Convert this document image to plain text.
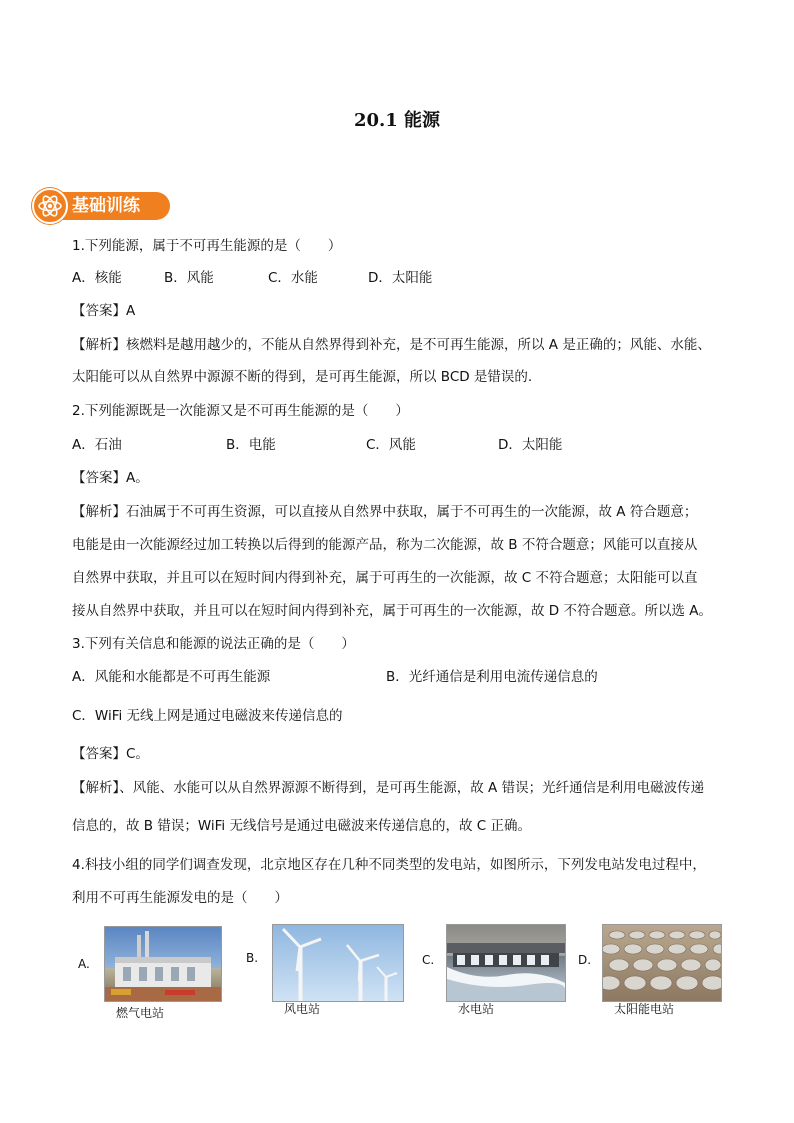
20.1 能源
基础训练
1.下列能源，属于不可再生能源的是（　　）
A．核能	B．风能	C．水能	D．太阳能
【答案】A
【解析】核燃料是越用越少的，不能从自然界得到补充，是不可再生能源，所以 A 是正确的；风能、水能、
太阳能可以从自然界中源源不断的得到，是可再生能源，所以 BCD 是错误的.
2.下列能源既是一次能源又是不可再生能源的是（　　）
A．石油	B．电能	C．风能	D．太阳能
【答案】A。
【解析】石油属于不可再生资源，可以直接从自然界中获取，属于不可再生的一次能源，故 A 符合题意；
电能是由一次能源经过加工转换以后得到的能源产品，称为二次能源，故 B 不符合题意；风能可以直接从
自然界中获取，并且可以在短时间内得到补充，属于可再生的一次能源，故 C 不符合题意；太阳能可以直
接从自然界中获取，并且可以在短时间内得到补充，属于可再生的一次能源，故 D 不符合题意。所以选 A。
3.下列有关信息和能源的说法正确的是（　　）
A．风能和水能都是不可再生能源	B．光纤通信是利用电流传递信息的
C．WiFi 无线上网是通过电磁波来传递信息的
【答案】C。
【解析】、风能、水能可以从自然界源源不断得到，是可再生能源，故 A 错误；光纤通信是利用电磁波传递
信息的，故 B 错误；WiFi 无线信号是通过电磁波来传递信息的，故 C 正确。
4.科技小组的同学们调查发现，北京地区存在几种不同类型的发电站，如图所示，下列发电站发电过程中，
利用不可再生能源发电的是（　　）
A.
燃气电站
B.
风电站
C.
水电站
D.
太阳能电站
